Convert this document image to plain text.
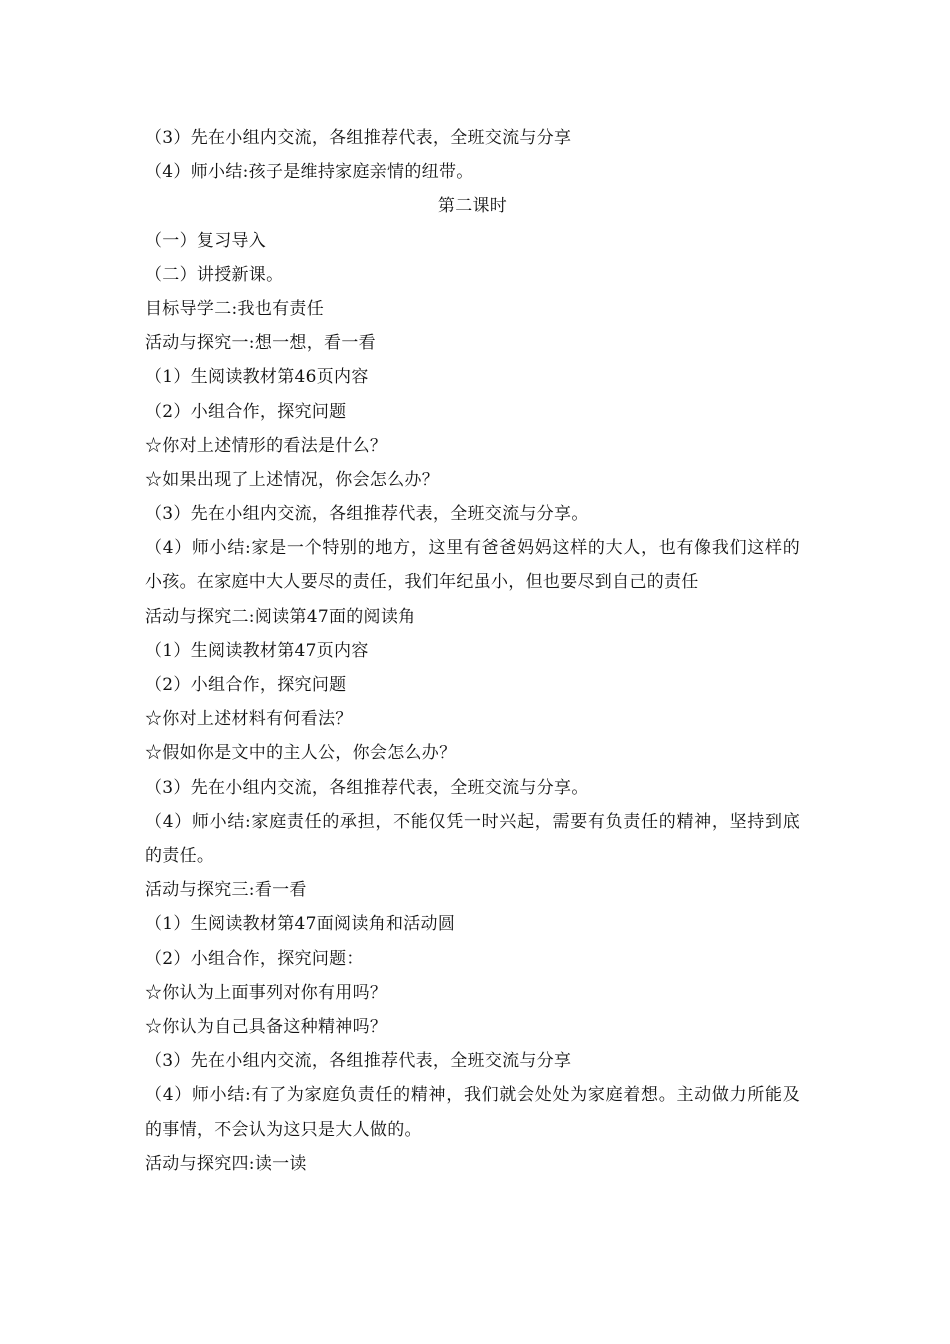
（3）先在小组内交流，各组推荐代表，全班交流与分享
（4）师小结:孩子是维持家庭亲情的纽带。
第二课时
（一）复习导入
（二）讲授新课。
目标导学二:我也有责任
活动与探究一:想一想，看一看
（1）生阅读教材第46页内容
（2）小组合作，探究问题
☆你对上述情形的看法是什么？
☆如果出现了上述情况，你会怎么办？
（3）先在小组内交流，各组推荐代表，全班交流与分享。
（4）师小结:家是一个特别的地方，这里有爸爸妈妈这样的大人，也有像我们这样的小孩。在家庭中大人要尽的责任，我们年纪虽小，但也要尽到自己的责任
活动与探究二:阅读第47面的阅读角
（1）生阅读教材第47页内容
（2）小组合作，探究问题
☆你对上述材料有何看法？
☆假如你是文中的主人公，你会怎么办？
（3）先在小组内交流，各组推荐代表，全班交流与分享。
（4）师小结:家庭责任的承担，不能仅凭一时兴起，需要有负责任的精神，坚持到底的责任。
活动与探究三:看一看
（1）生阅读教材第47面阅读角和活动圆
（2）小组合作，探究问题：
☆你认为上面事列对你有用吗？
☆你认为自己具备这种精神吗？
（3）先在小组内交流，各组推荐代表，全班交流与分享
（4）师小结:有了为家庭负责任的精神，我们就会处处为家庭着想。主动做力所能及的事情，不会认为这只是大人做的。
活动与探究四:读一读
